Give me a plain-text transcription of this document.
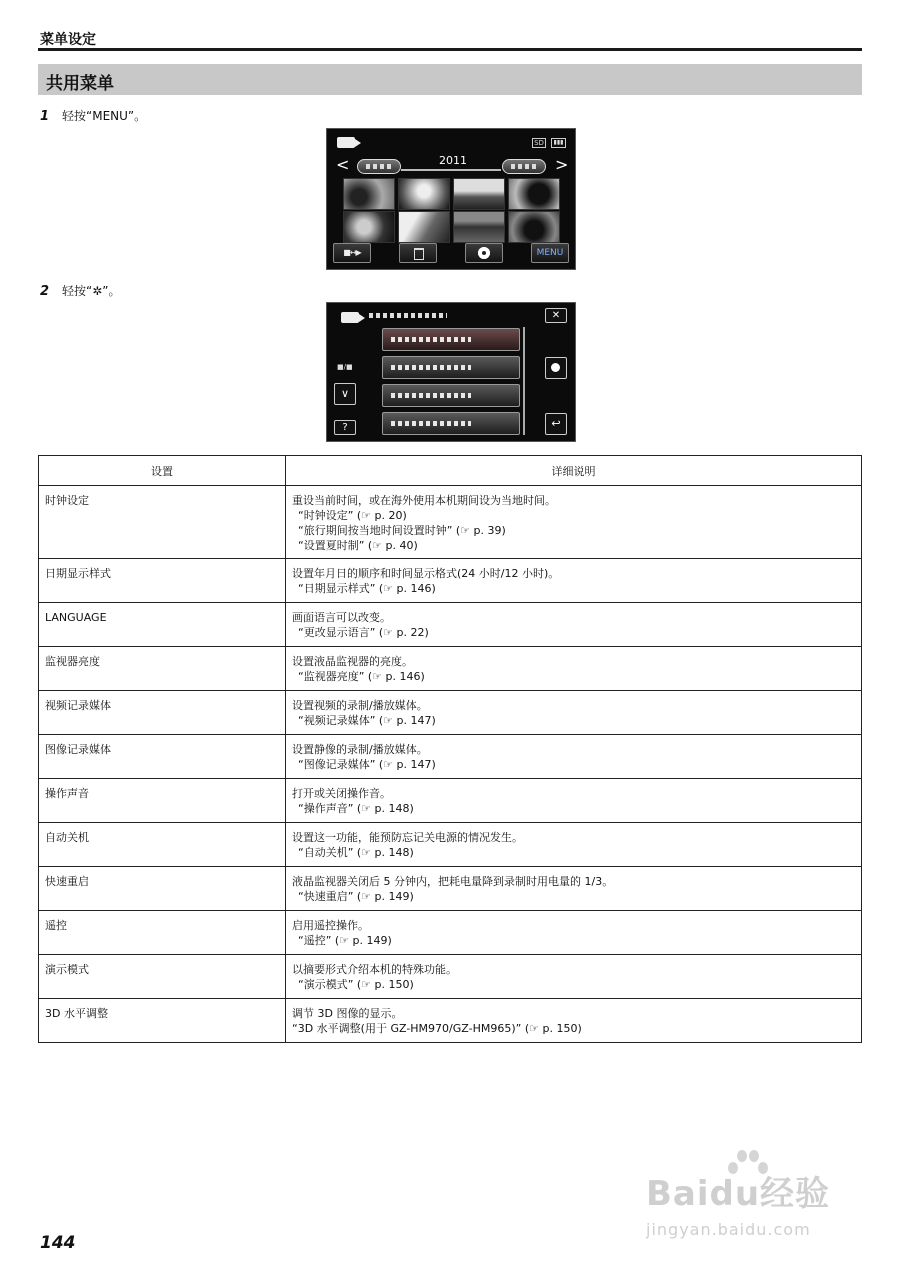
菜单设定
共用菜单
1 轻按“MENU”。
SD	▮▮▮
<	2011	>
■↔▶	MENU
2 轻按“✲”。
✕
■/■
∨
?	↩
设置	详细说明
时钟设定	重设当前时间，或在海外使用本机期间设为当地时间。
“时钟设定” (☞ p. 20)
“旅行期间按当地时间设置时钟” (☞ p. 39)
“设置夏时制” (☞ p. 40)

日期显示样式	设置年月日的顺序和时间显示格式(24 小时/12 小时)。
“日期显示样式” (☞ p. 146)

LANGUAGE	画面语言可以改变。
“更改显示语言” (☞ p. 22)

监视器亮度	设置液晶监视器的亮度。
“监视器亮度” (☞ p. 146)

视频记录媒体	设置视频的录制/播放媒体。
“视频记录媒体” (☞ p. 147)

图像记录媒体	设置静像的录制/播放媒体。
“图像记录媒体” (☞ p. 147)

操作声音	打开或关闭操作音。
“操作声音” (☞ p. 148)

自动关机	设置这一功能，能预防忘记关电源的情况发生。
“自动关机” (☞ p. 148)

快速重启	液晶监视器关闭后 5 分钟内，把耗电量降到录制时用电量的 1/3。
“快速重启” (☞ p. 149)

遥控	启用遥控操作。
“遥控” (☞ p. 149)

演示模式	以摘要形式介绍本机的特殊功能。
“演示模式” (☞ p. 150)

3D 水平调整	调节 3D 图像的显示。
“3D 水平调整(用于 GZ-HM970/GZ-HM965)” (☞ p. 150)
144
Baidu经验
jingyan.baidu.com
